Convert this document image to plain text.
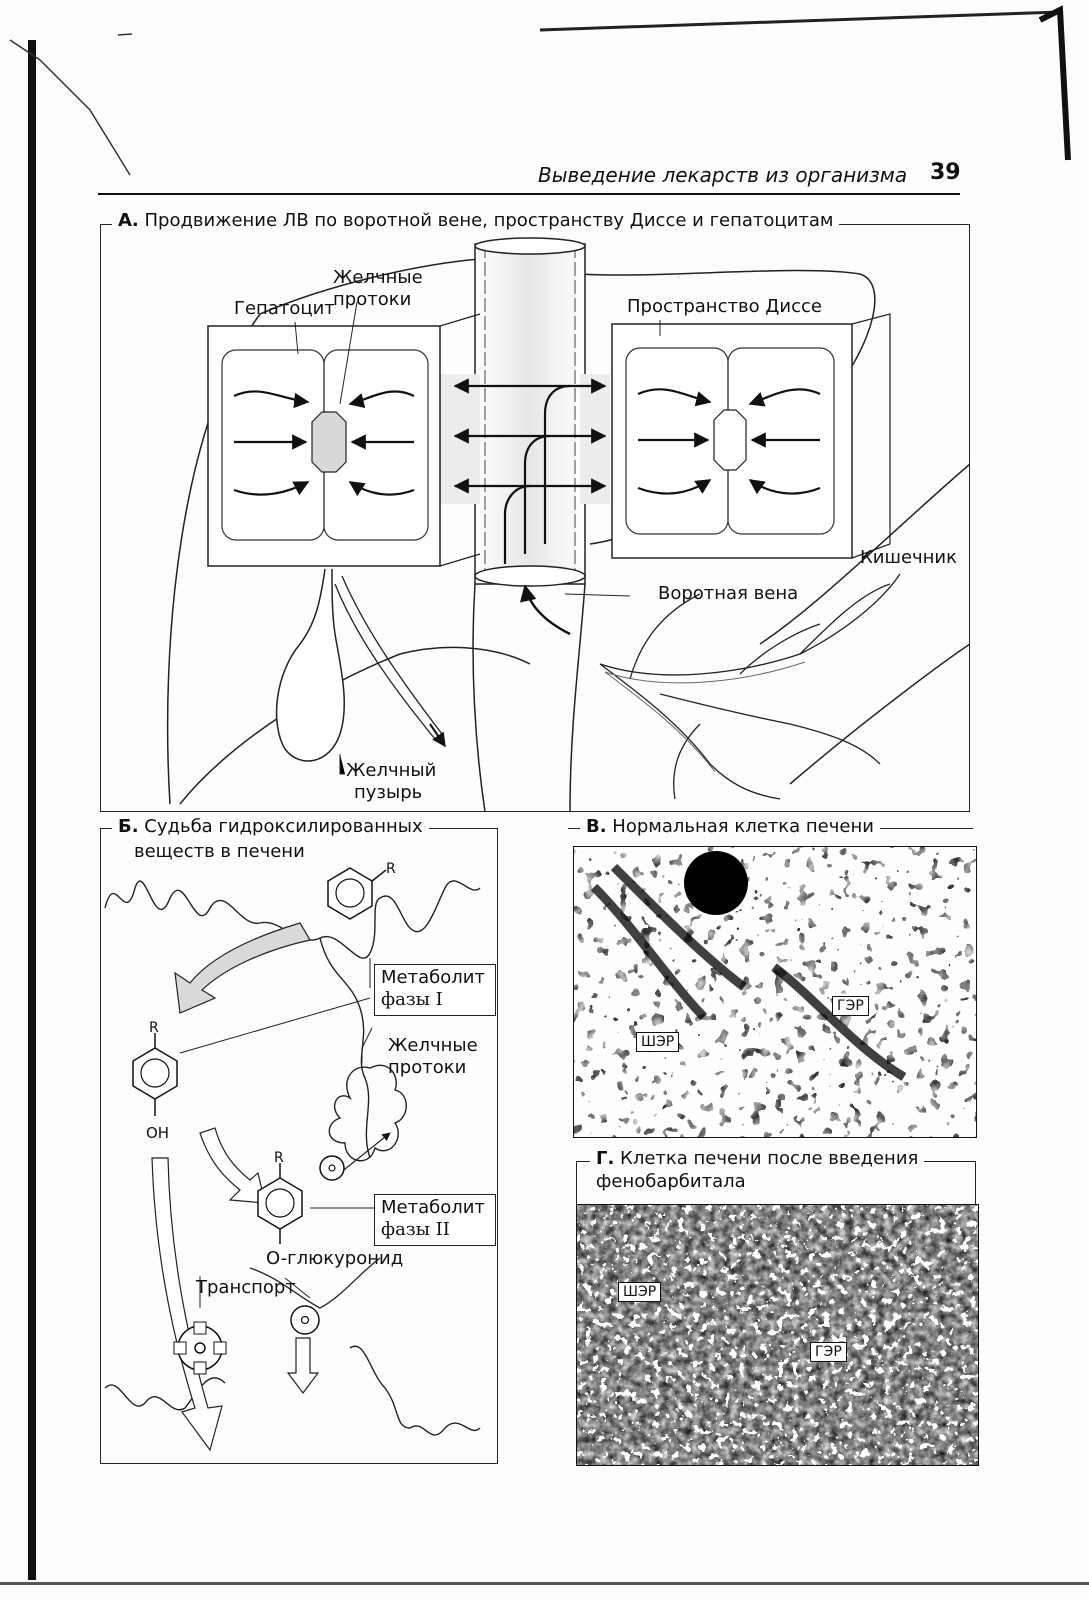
Выведение лекарств из организма 39
А. Продвижение ЛВ по воротной вене, пространству Диссе и гепатоцитам
Гепатоцит
Желчные
протоки	Пространство Диссе
Кишечник
Воротная вена
Желчный
пузырь
Б. Судьба гидроксилированных
веществ в печени
R
R
OH
R
O-глюкуронид
Транспорт
Метаболит
фазы I
Желчные
протоки
Метаболит
фазы II
В. Нормальная клетка печени
ГЭР
ШЭР
Г. Клетка печени после введения
фенобарбитала
ШЭР
ГЭР
